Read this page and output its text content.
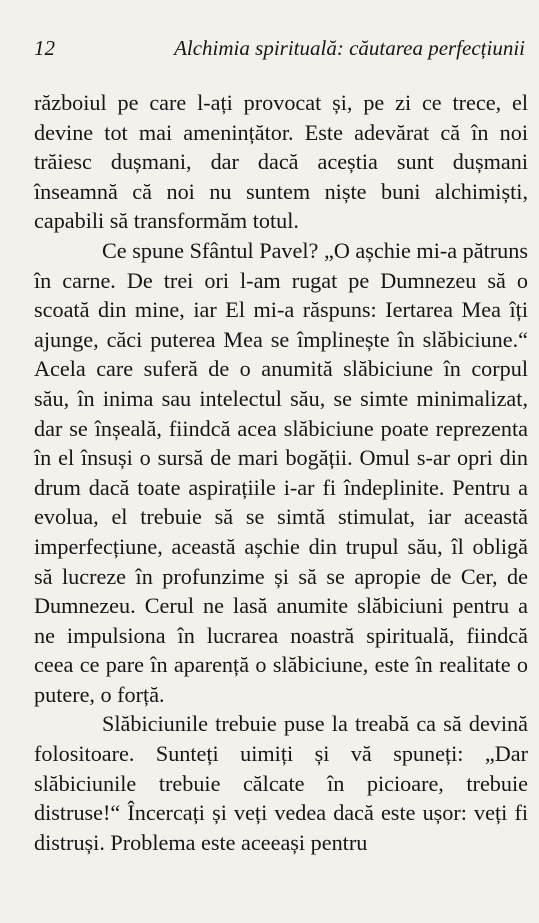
12	Alchimia spirituală: căutarea perfecțiunii

războiul pe care l-ați provocat și, pe zi ce trece, el devine tot mai amenințător. Este adevărat că în noi trăiesc dușmani, dar dacă aceștia sunt dușmani înseamnă că noi nu suntem niște buni alchimiști, capabili să transformăm totul.

Ce spune Sfântul Pavel? „O așchie mi-a pătruns în carne. De trei ori l-am rugat pe Dumnezeu să o scoată din mine, iar El mi-a răspuns: Iertarea Mea îți ajunge, căci puterea Mea se împlinește în slăbiciune.“ Acela care suferă de o anumită slăbiciune în corpul său, în inima sau intelectul său, se simte minimalizat, dar se înșeală, fiindcă acea slăbiciune poate reprezenta în el însuși o sursă de mari bogății. Omul s-ar opri din drum dacă toate aspirațiile i-ar fi îndeplinite. Pentru a evolua, el trebuie să se simtă stimulat, iar această imperfecțiune, această așchie din trupul său, îl obligă să lucreze în profunzime și să se apropie de Cer, de Dumnezeu. Cerul ne lasă anumite slăbiciuni pentru a ne impulsiona în lucrarea noastră spirituală, fiindcă ceea ce pare în aparență o slăbiciune, este în realitate o putere, o forță.

Slăbiciunile trebuie puse la treabă ca să devină folositoare. Sunteți uimiți și vă spuneți: „Dar slăbiciunile trebuie călcate în picioare, trebuie distruse!“ Încercați și veți vedea dacă este ușor: veți fi distruși. Problema este aceeași pentru
